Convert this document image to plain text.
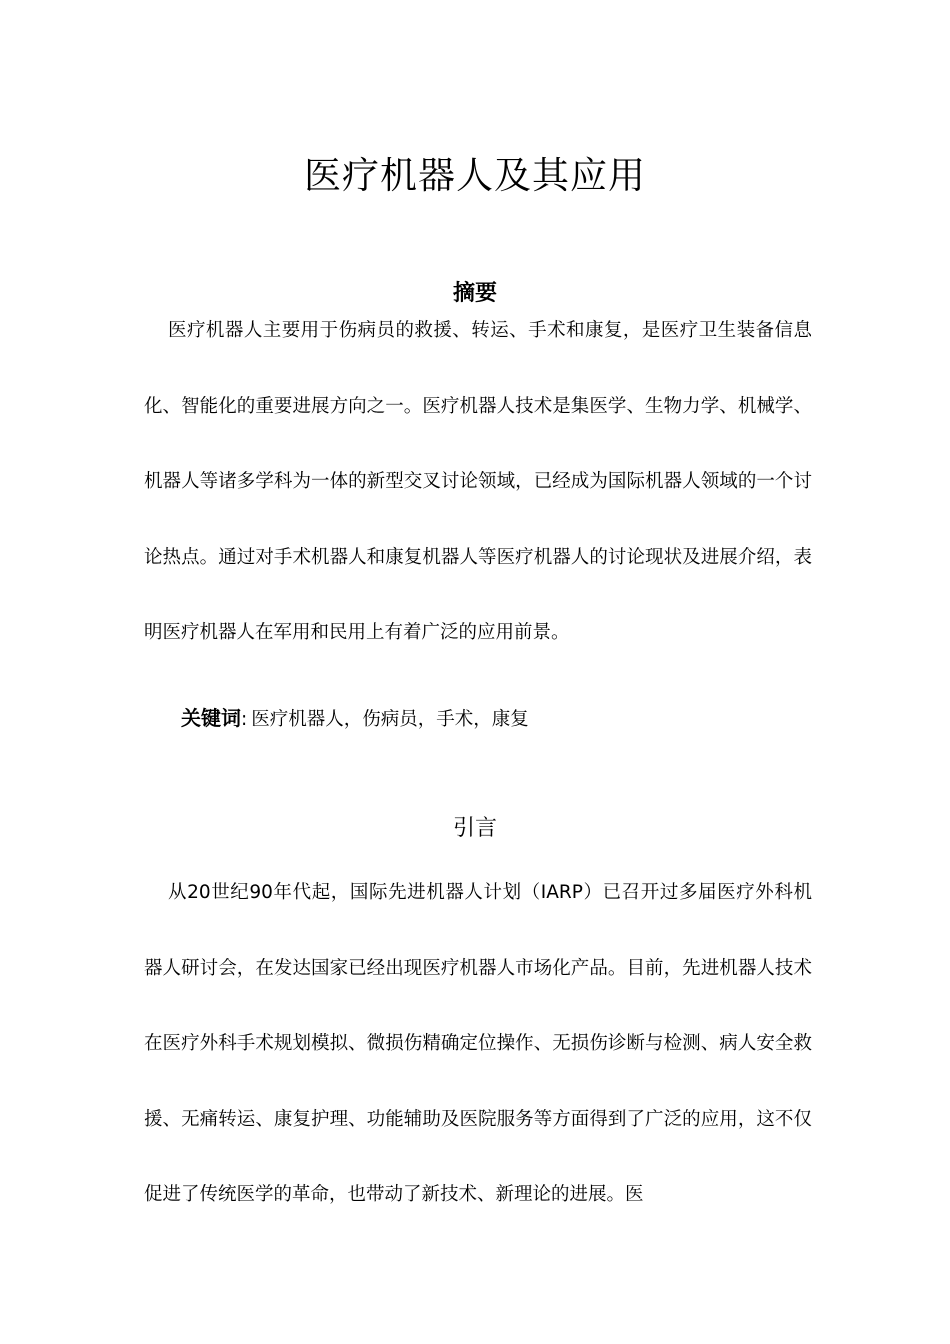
医疗机器人及其应用
摘要

医疗机器人主要用于伤病员的救援、转运、手术和康复，是医疗卫生装备信息化、智能化的重要进展方向之一。医疗机器人技术是集医学、生物力学、机械学、机器人等诸多学科为一体的新型交叉讨论领域，已经成为国际机器人领域的一个讨论热点。通过对手术机器人和康复机器人等医疗机器人的讨论现状及进展介绍，表明医疗机器人在军用和民用上有着广泛的应用前景。

关键词: 医疗机器人，伤病员，手术，康复

引言

从20世纪90年代起，国际先进机器人计划（IARP）已召开过多届医疗外科机器人研讨会，在发达国家已经出现医疗机器人市场化产品。目前，先进机器人技术在医疗外科手术规划模拟、微损伤精确定位操作、无损伤诊断与检测、病人安全救援、无痛转运、康复护理、功能辅助及医院服务等方面得到了广泛的应用，这不仅促进了传统医学的革命，也带动了新技术、新理论的进展。医
